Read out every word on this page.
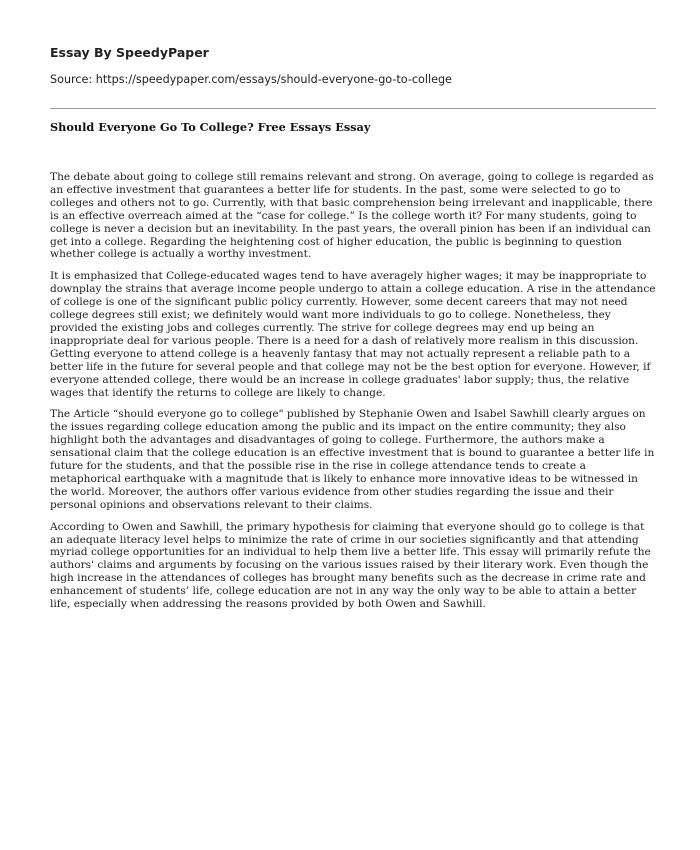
Essay By SpeedyPaper

Source: https://speedypaper.com/essays/should-everyone-go-to-college

Should Everyone Go To College? Free Essays Essay

The debate about going to college still remains relevant and strong. On average, going to college is regarded as an effective investment that guarantees a better life for students. In the past, some were selected to go to colleges and others not to go. Currently, with that basic comprehension being irrelevant and inapplicable, there is an effective overreach aimed at the “case for college.” Is the college worth it? For many students, going to college is never a decision but an inevitability. In the past years, the overall pinion has been if an individual can get into a college. Regarding the heightening cost of higher education, the public is beginning to question whether college is actually a worthy investment.

It is emphasized that College-educated wages tend to have averagely higher wages; it may be inappropriate to downplay the strains that average income people undergo to attain a college education. A rise in the attendance of college is one of the significant public policy currently. However, some decent careers that may not need college degrees still exist; we definitely would want more individuals to go to college. Nonetheless, they provided the existing jobs and colleges currently. The strive for college degrees may end up being an inappropriate deal for various people. There is a need for a dash of relatively more realism in this discussion. Getting everyone to attend college is a heavenly fantasy that may not actually represent a reliable path to a better life in the future for several people and that college may not be the best option for everyone. However, if everyone attended college, there would be an increase in college graduates' labor supply; thus, the relative wages that identify the returns to college are likely to change.

The Article “should everyone go to college" published by Stephanie Owen and Isabel Sawhill clearly argues on the issues regarding college education among the public and its impact on the entire community; they also highlight both the advantages and disadvantages of going to college. Furthermore, the authors make a sensational claim that the college education is an effective investment that is bound to guarantee a better life in future for the students, and that the possible rise in the rise in college attendance tends to create a metaphorical earthquake with a magnitude that is likely to enhance more innovative ideas to be witnessed in the world. Moreover, the authors offer various evidence from other studies regarding the issue and their personal opinions and observations relevant to their claims.

According to Owen and Sawhill, the primary hypothesis for claiming that everyone should go to college is that an adequate literacy level helps to minimize the rate of crime in our societies significantly and that attending myriad college opportunities for an individual to help them live a better life. This essay will primarily refute the authors' claims and arguments by focusing on the various issues raised by their literary work. Even though the high increase in the attendances of colleges has brought many benefits such as the decrease in crime rate and enhancement of students’ life, college education are not in any way the only way to be able to attain a better life, especially when addressing the reasons provided by both Owen and Sawhill.
